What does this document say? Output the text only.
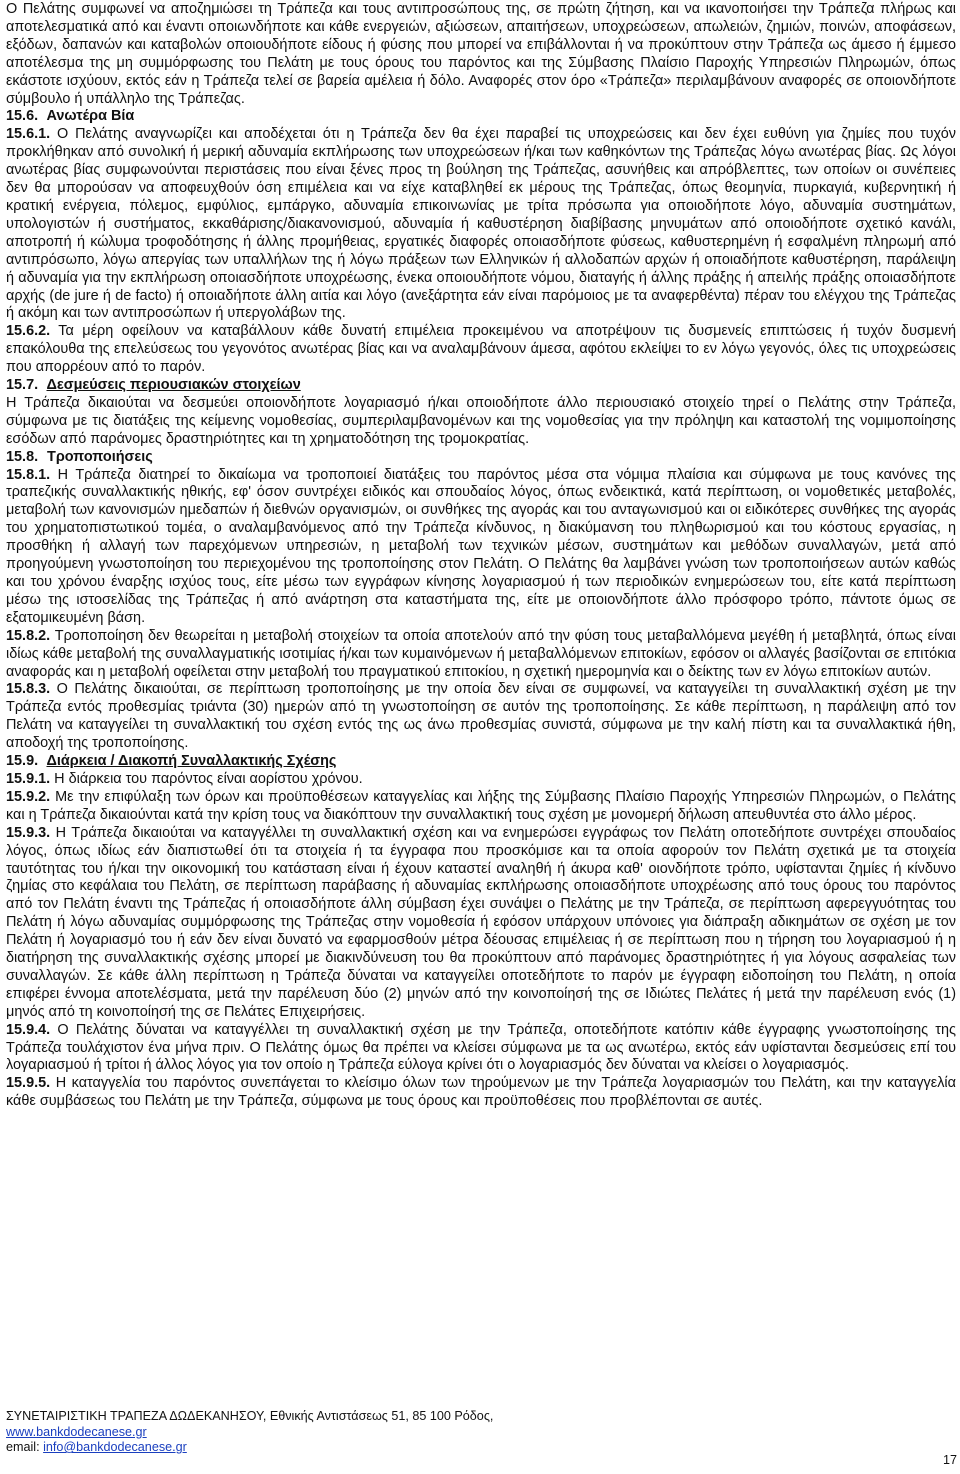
Ο Πελάτης συμφωνεί να αποζημιώσει τη Τράπεζα και τους αντιπροσώπους της, σε πρώτη ζήτηση, και να ικανοποιήσει την Τράπεζα πλήρως και αποτελεσματικά από και έναντι οποιωνδήποτε και κάθε ενεργειών, αξιώσεων, απαιτήσεων, υποχρεώσεων, απωλειών, ζημιών, ποινών, αποφάσεων, εξόδων, δαπανών και καταβολών οποιουδήποτε είδους ή φύσης που μπορεί να επιβάλλονται ή να προκύπτουν στην Τράπεζα ως άμεσο ή έμμεσο αποτέλεσμα της μη συμμόρφωσης του Πελάτη με τους όρους του παρόντος και της Σύμβασης Πλαίσιο Παροχής Υπηρεσιών Πληρωμών, όπως εκάστοτε ισχύουν, εκτός εάν η Τράπεζα τελεί σε βαρεία αμέλεια ή δόλο. Αναφορές στον όρο «Τράπεζα» περιλαμβάνουν αναφορές σε οποιονδήποτε σύμβουλο ή υπάλληλο της Τράπεζας.

15.6. Ανωτέρα Βία

15.6.1. Ο Πελάτης αναγνωρίζει και αποδέχεται ότι η Τράπεζα δεν θα έχει παραβεί τις υποχρεώσεις και δεν έχει ευθύνη για ζημίες που τυχόν προκλήθηκαν από συνολική ή μερική αδυναμία εκπλήρωσης των υποχρεώσεων ή/και των καθηκόντων της Τράπεζας λόγω ανωτέρας βίας. Ως λόγοι ανωτέρας βίας συμφωνούνται περιστάσεις που είναι ξένες προς τη βούληση της Τράπεζας, ασυνήθεις και απρόβλεπτες, των οποίων οι συνέπειες δεν θα μπορούσαν να αποφευχθούν όση επιμέλεια και να είχε καταβληθεί εκ μέρους της Τράπεζας, όπως θεομηνία, πυρκαγιά, κυβερνητική ή κρατική ενέργεια, πόλεμος, εμφύλιος, εμπάργκο, αδυναμία επικοινωνίας με τρίτα πρόσωπα για οποιοδήποτε λόγο, αδυναμία συστημάτων, υπολογιστών ή συστήματος, εκκαθάρισης/διακανονισμού, αδυναμία ή καθυστέρηση διαβίβασης μηνυμάτων από οποιοδήποτε σχετικό κανάλι, αποτροπή ή κώλυμα τροφοδότησης ή άλλης προμήθειας, εργατικές διαφορές οποιασδήποτε φύσεως, καθυστερημένη ή εσφαλμένη πληρωμή από αντιπρόσωπο, λόγω απεργίας των υπαλλήλων της ή λόγω πράξεων των Ελληνικών ή αλλοδαπών αρχών ή οποιαδήποτε καθυστέρηση, παράλειψη ή αδυναμία για την εκπλήρωση οποιασδήποτε υποχρέωσης, ένεκα οποιουδήποτε νόμου, διαταγής ή άλλης πράξης ή απειλής πράξης οποιασδήποτε αρχής (de jure ή de facto) ή οποιαδήποτε άλλη αιτία και λόγο (ανεξάρτητα εάν είναι παρόμοιος με τα αναφερθέντα) πέραν του ελέγχου της Τράπεζας ή ακόμη και των αντιπροσώπων ή υπεργολάβων της.

15.6.2. Τα μέρη οφείλουν να καταβάλλουν κάθε δυνατή επιμέλεια προκειμένου να αποτρέψουν τις δυσμενείς επιπτώσεις ή τυχόν δυσμενή επακόλουθα της επελεύσεως του γεγονότος ανωτέρας βίας και να αναλαμβάνουν άμεσα, αφότου εκλείψει το εν λόγω γεγονός, όλες τις υποχρεώσεις που απορρέουν από το παρόν.

15.7. Δεσμεύσεις περιουσιακών στοιχείων

Η Τράπεζα δικαιούται να δεσμεύει οποιονδήποτε λογαριασμό ή/και οποιοδήποτε άλλο περιουσιακό στοιχείο τηρεί ο Πελάτης στην Τράπεζα, σύμφωνα με τις διατάξεις της κείμενης νομοθεσίας, συμπεριλαμβανομένων και της νομοθεσίας για την πρόληψη και καταστολή της νομιμοποίησης εσόδων από παράνομες δραστηριότητες και τη χρηματοδότηση της τρομοκρατίας.

15.8. Τροποποιήσεις

15.8.1. Η Τράπεζα διατηρεί το δικαίωμα να τροποποιεί διατάξεις του παρόντος μέσα στα νόμιμα πλαίσια και σύμφωνα με τους κανόνες της τραπεζικής συναλλακτικής ηθικής, εφ' όσον συντρέχει ειδικός και σπουδαίος λόγος, όπως ενδεικτικά, κατά περίπτωση, οι νομοθετικές μεταβολές, μεταβολή των κανονισμών ημεδαπών ή διεθνών οργανισμών, οι συνθήκες της αγοράς και του ανταγωνισμού και οι ειδικότερες συνθήκες της αγοράς του χρηματοπιστωτικού τομέα, ο αναλαμβανόμενος από την Τράπεζα κίνδυνος, η διακύμανση του πληθωρισμού και του κόστους εργασίας, η προσθήκη ή αλλαγή των παρεχόμενων υπηρεσιών, η μεταβολή των τεχνικών μέσων, συστημάτων και μεθόδων συναλλαγών, μετά από προηγούμενη γνωστοποίηση του περιεχομένου της τροποποίησης στον Πελάτη. Ο Πελάτης θα λαμβάνει γνώση των τροποποιήσεων αυτών καθώς και του χρόνου έναρξης ισχύος τους, είτε μέσω των εγγράφων κίνησης λογαριασμού ή των περιοδικών ενημερώσεων του, είτε κατά περίπτωση μέσω της ιστοσελίδας της Τράπεζας ή από ανάρτηση στα καταστήματα της, είτε με οποιονδήποτε άλλο πρόσφορο τρόπο, πάντοτε όμως σε εξατομικευμένη βάση.

15.8.2. Τροποποίηση δεν θεωρείται η μεταβολή στοιχείων τα οποία αποτελούν από την φύση τους μεταβαλλόμενα μεγέθη ή μεταβλητά, όπως είναι ιδίως κάθε μεταβολή της συναλλαγματικής ισοτιμίας ή/και των κυμαινόμενων ή μεταβαλλόμενων επιτοκίων, εφόσον οι αλλαγές βασίζονται σε επιτόκια αναφοράς και η μεταβολή οφείλεται στην μεταβολή του πραγματικού επιτοκίου, η σχετική ημερομηνία και ο δείκτης των εν λόγω επιτοκίων αυτών.

15.8.3. Ο Πελάτης δικαιούται, σε περίπτωση τροποποίησης με την οποία δεν είναι σε συμφωνεί, να καταγγείλει τη συναλλακτική σχέση με την Τράπεζα εντός προθεσμίας τριάντα (30) ημερών από τη γνωστοποίηση σε αυτόν της τροποποίησης. Σε κάθε περίπτωση, η παράλειψη από τον Πελάτη να καταγγείλει τη συναλλακτική του σχέση εντός της ως άνω προθεσμίας συνιστά, σύμφωνα με την καλή πίστη και τα συναλλακτικά ήθη, αποδοχή της τροποποίησης.

15.9. Διάρκεια / Διακοπή Συναλλακτικής Σχέσης

15.9.1. Η διάρκεια του παρόντος είναι αορίστου χρόνου.

15.9.2. Με την επιφύλαξη των όρων και προϋποθέσεων καταγγελίας και λήξης της Σύμβασης Πλαίσιο Παροχής Υπηρεσιών Πληρωμών, ο Πελάτης και η Τράπεζα δικαιούνται κατά την κρίση τους να διακόπτουν την συναλλακτική τους σχέση με μονομερή δήλωση απευθυντέα στο άλλο μέρος.

15.9.3. Η Τράπεζα δικαιούται να καταγγέλλει τη συναλλακτική σχέση και να ενημερώσει εγγράφως τον Πελάτη οποτεδήποτε συντρέχει σπουδαίος λόγος, όπως ιδίως εάν διαπιστωθεί ότι τα στοιχεία ή τα έγγραφα που προσκόμισε και τα οποία αφορούν τον Πελάτη σχετικά με τα στοιχεία ταυτότητας του ή/και την οικονομική του κατάσταση είναι ή έχουν καταστεί αναληθή ή άκυρα καθ' οιονδήποτε τρόπο, υφίστανται ζημίες ή κίνδυνο ζημίας στο κεφάλαια του Πελάτη, σε περίπτωση παράβασης ή αδυναμίας εκπλήρωσης οποιασδήποτε υποχρέωσης από τους όρους του παρόντος από τον Πελάτη έναντι της Τράπεζας ή οποιασδήποτε άλλη σύμβαση έχει συνάψει ο Πελάτης με την Τράπεζα, σε περίπτωση αφερεγγυότητας του Πελάτη ή λόγω αδυναμίας συμμόρφωσης της Τράπεζας στην νομοθεσία ή εφόσον υπάρχουν υπόνοιες για διάπραξη αδικημάτων σε σχέση με τον Πελάτη ή λογαριασμό του ή εάν δεν είναι δυνατό να εφαρμοσθούν μέτρα δέουσας επιμέλειας ή σε περίπτωση που η τήρηση του λογαριασμού ή η διατήρηση της συναλλακτικής σχέσης μπορεί με διακινδύνευση του θα προκύπτουν από παράνομες δραστηριότητες ή για λόγους ασφαλείας των συναλλαγών. Σε κάθε άλλη περίπτωση η Τράπεζα δύναται να καταγγείλει οποτεδήποτε το παρόν με έγγραφη ειδοποίηση του Πελάτη, η οποία επιφέρει έννομα αποτελέσματα, μετά την παρέλευση δύο (2) μηνών από την κοινοποίησή της σε Ιδιώτες Πελάτες ή μετά την παρέλευση ενός (1) μηνός από τη κοινοποίησή της σε Πελάτες Επιχειρήσεις.

15.9.4. Ο Πελάτης δύναται να καταγγέλλει τη συναλλακτική σχέση με την Τράπεζα, οποτεδήποτε κατόπιν κάθε έγγραφης γνωστοποίησης της Τράπεζα τουλάχιστον ένα μήνα πριν. Ο Πελάτης όμως θα πρέπει να κλείσει σύμφωνα με τα ως ανωτέρω, εκτός εάν υφίστανται δεσμεύσεις επί του λογαριασμού ή τρίτοι ή άλλος λόγος για τον οποίο η Τράπεζα εύλογα κρίνει ότι ο λογαριασμός δεν δύναται να κλείσει ο λογαριασμός.

15.9.5. Η καταγγελία του παρόντος συνεπάγεται το κλείσιμο όλων των τηρούμενων με την Τράπεζα λογαριασμών του Πελάτη, και την καταγγελία κάθε συμβάσεως του Πελάτη με την Τράπεζα, σύμφωνα με τους όρους και προϋποθέσεις που προβλέπονται σε αυτές.

ΣΥΝΕΤΑΙΡΙΣΤΙΚΗ ΤΡΑΠΕΖΑ ΔΩΔΕΚΑΝΗΣΟΥ, Εθνικής Αντιστάσεως 51, 85 100 Ρόδος,
www.bankdodecanese.gr
email: info@bankdodecanese.gr
17
